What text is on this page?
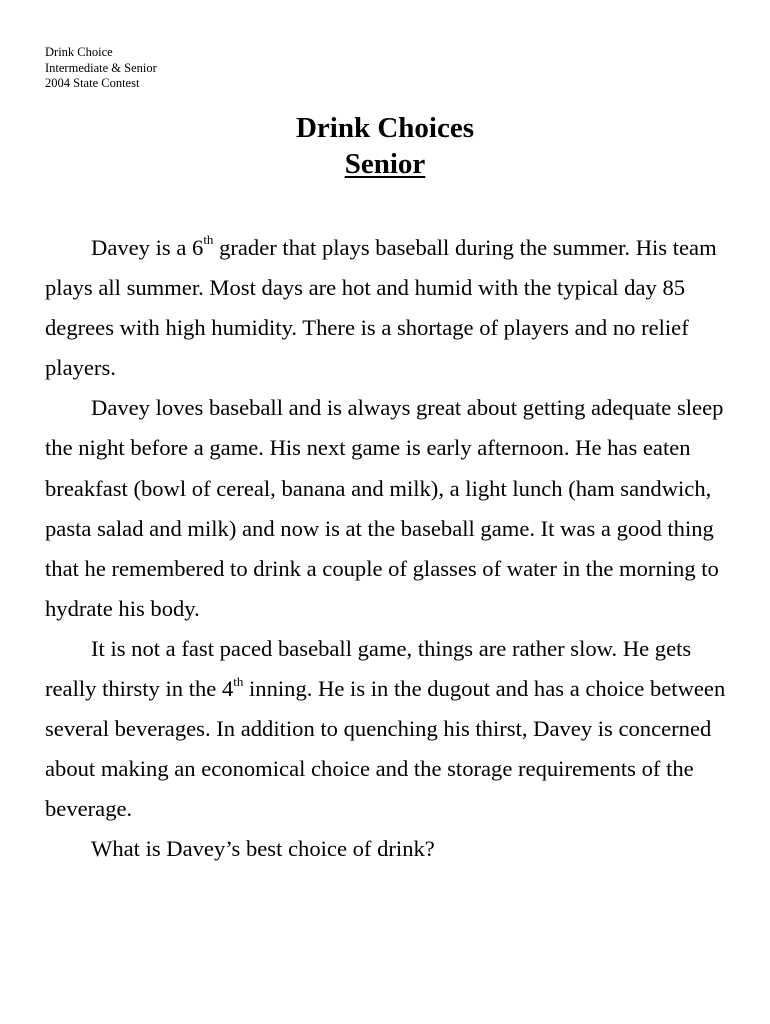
Drink Choice
Intermediate & Senior
2004 State Contest
Drink Choices
Senior

Davey is a 6th grader that plays baseball during the summer. His team plays all summer. Most days are hot and humid with the typical day 85 degrees with high humidity. There is a shortage of players and no relief players.

Davey loves baseball and is always great about getting adequate sleep the night before a game. His next game is early afternoon. He has eaten breakfast (bowl of cereal, banana and milk), a light lunch (ham sandwich, pasta salad and milk) and now is at the baseball game. It was a good thing that he remembered to drink a couple of glasses of water in the morning to hydrate his body.

It is not a fast paced baseball game, things are rather slow. He gets really thirsty in the 4th inning. He is in the dugout and has a choice between several beverages. In addition to quenching his thirst, Davey is concerned about making an economical choice and the storage requirements of the beverage.

What is Davey’s best choice of drink?
